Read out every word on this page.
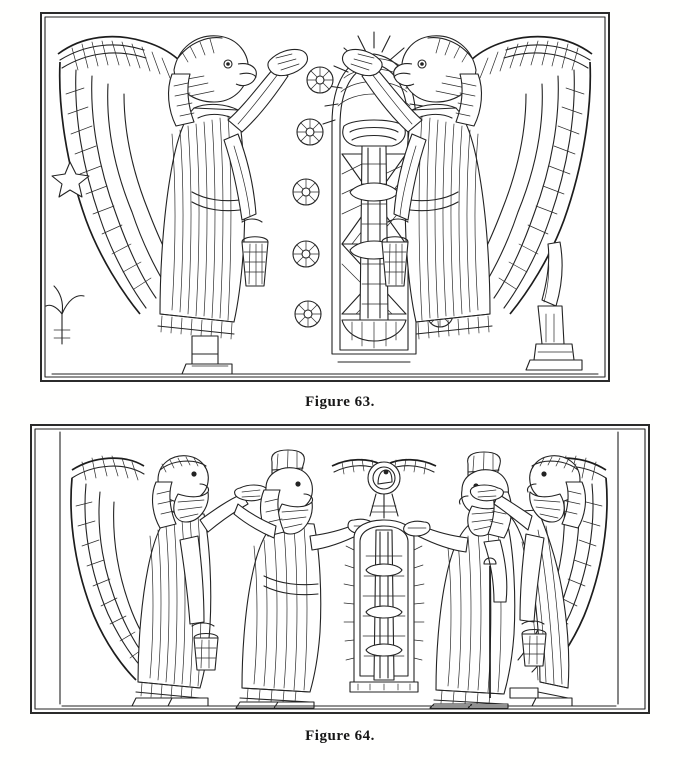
Figure 63.
Figure 64.
